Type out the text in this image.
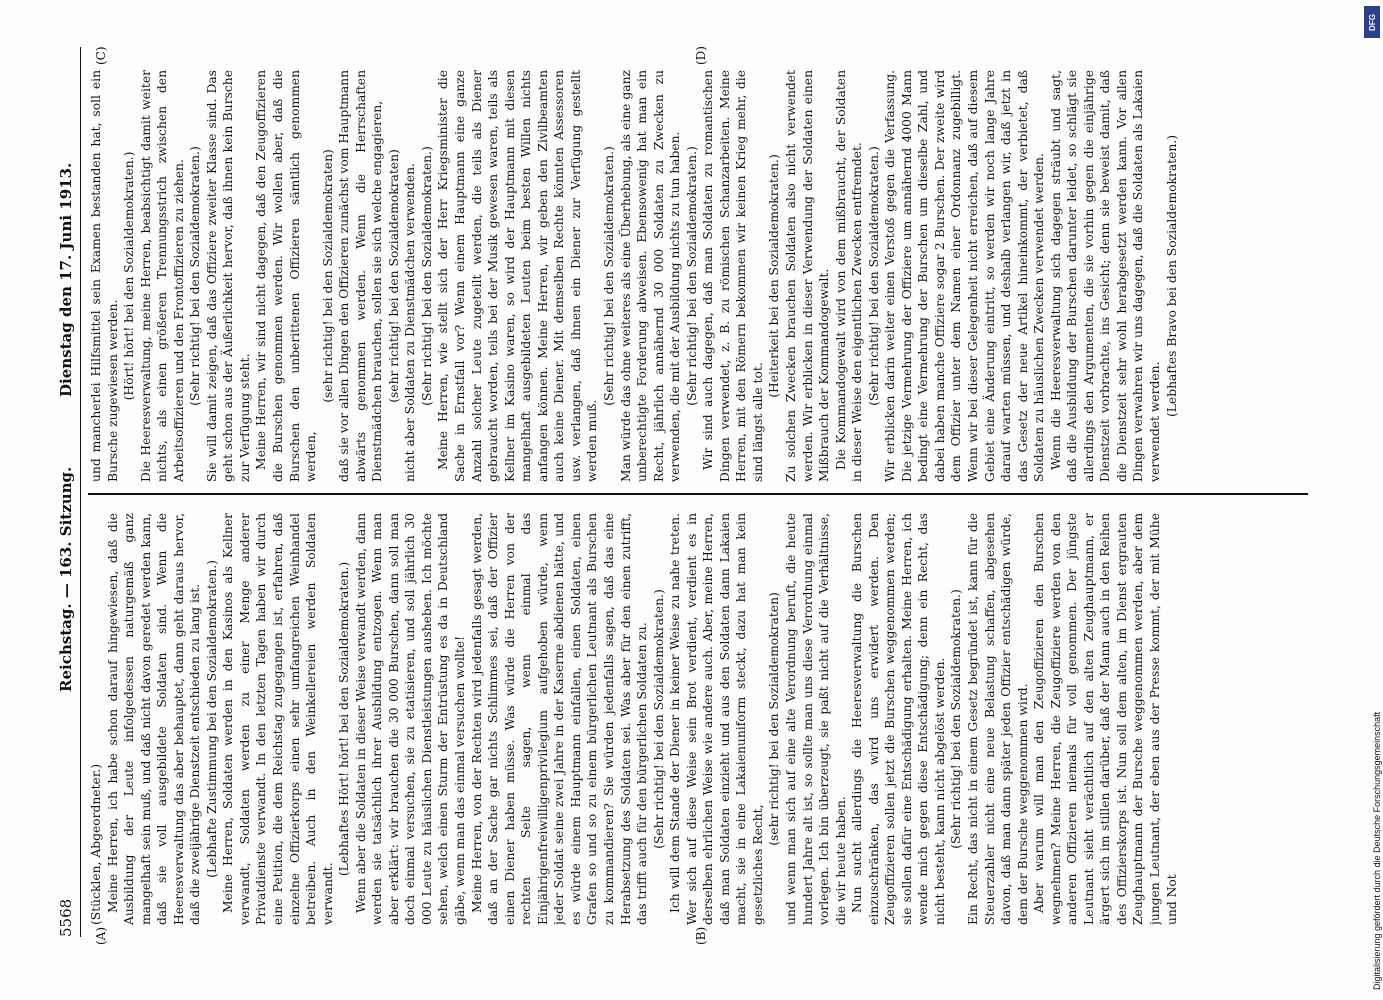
5568
Reichstag. — 163. Sitzung.
Dienstag den 17. Juni 1913.
(A)	(B)
(C)	(D)

(Stücklen, Abgeordneter.) Meine Herren, ich habe schon darauf hingewiesen, daß die Ausbildung der Leute infolgedessen naturgemäß ganz mangelhaft sein muß, und daß nicht davon geredet werden kann, daß sie voll ausgebildete Soldaten sind. Wenn die Heeresverwaltung das aber behauptet, dann geht daraus hervor, daß die zweijährige Dienstzeit entschieden zu lang ist. (Lebhafte Zustimmung bei den Sozialdemokraten.) Meine Herren, Soldaten werden in den Kasinos als Kellner verwandt, Soldaten werden zu einer Menge anderer Privatdienste verwandt. In den letzten Tagen haben wir durch eine Petition, die dem Reichstag zugegangen ist, erfahren, daß einzelne Offizierkorps einen sehr umfangreichen Weinhandel betreiben. Auch in den Weinkellereien werden Soldaten verwandt.

(Lebhaftes Hört! hört! bei den Sozialdemokraten.) Wenn aber die Soldaten in dieser Weise verwandt werden, dann werden sie tatsächlich ihrer Ausbildung entzogen. Wenn man aber erklärt: wir brauchen die 30 000 Burschen, dann soll man doch einmal versuchen, sie zu etatisieren, und soll jährlich 30 000 Leute zu häuslichen Dienstleistungen ausheben. Ich möchte sehen, welch einen Sturm der Entrüstung es da in Deutschland gäbe, wenn man das einmal versuchen wollte! Meine Herren, von der Rechten wird jedenfalls gesagt werden, daß an der Sache gar nichts Schlimmes sei, daß der Offizier einen Diener haben müsse. Was würde die Herren von der rechten Seite sagen, wenn einmal das Einjährigenfreiwilligenprivilegium aufgehoben würde, wenn jeder Soldat seine zwei Jahre in der Kaserne abdienen hätte, und es würde einem Hauptmann einfallen, einen Soldaten, einen Grafen so und so zu einem bürgerlichen Leutnant als Burschen zu kommandieren? Sie würden jedenfalls sagen, daß das eine Herabsetzung des Soldaten sei. Was aber für den einen zutrifft, das trifft auch für den bürgerlichen Soldaten zu. (Sehr richtig! bei den Sozialdemokraten.) Ich will dem Stande der Diener in keiner Weise zu nahe treten. Wer sich auf diese Weise sein Brot verdient, verdient es in derselben ehrlichen Weise wie andere auch. Aber, meine Herren, daß man Soldaten einzieht und aus den Soldaten dann Lakaien macht, sie in eine Lakaienuniform steckt, dazu hat man kein gesetzliches Recht,

(sehr richtig! bei den Sozialdemokraten) und wenn man sich auf eine alte Verordnung beruft, die heute hundert Jahre alt ist, so sollte man uns diese Verordnung einmal vorlegen. Ich bin überzeugt, sie paßt nicht auf die Verhältnisse, die wir heute haben. Nun sucht allerdings die Heeresverwaltung die Burschen einzuschränken, das wird uns erwidert werden. Den Zeugoffizieren sollen jetzt die Burschen weggenommen werden; sie sollen dafür eine Entschädigung erhalten. Meine Herren, ich wende mich gegen diese Entschädigung; denn ein Recht, das nicht besteht, kann nicht abgelöst werden. (Sehr richtig! bei den Sozialdemokraten.) Ein Recht, das nicht in einem Gesetz begründet ist, kann für die Steuerzahler nicht eine neue Belastung schaffen, abgesehen davon, daß man dann später jeden Offizier entschädigen würde, dem der Bursche weggenommen wird. Aber warum will man den Zeugoffizieren den Burschen wegnehmen? Meine Herren, die Zeugoffiziere werden von den anderen Offizieren niemals für voll genommen. Der jüngste Leutnant sieht verächtlich auf den alten Zeughauptmann, er ärgert sich im stillen darüber, daß der Mann auch in den Reihen des Offizierskorps ist. Nun soll dem alten, im Dienst ergrauten Zeughauptmann der Bursche weggenommen werden, aber dem jungen Leutnant, der eben aus der Presse kommt, der mit Mühe und Not

und mancherlei Hilfsmittel sein Examen bestanden hat, soll ein Bursche zugewiesen werden. (Hört! hört! bei den Sozialdemokraten.) Die Heeresverwaltung, meine Herren, beabsichtigt damit weiter nichts, als einen größeren Trennungsstrich zwischen den Arbeitsoffizieren und den Frontoffizieren zu ziehen. (Sehr richtig! bei den Sozialdemokraten.) Sie will damit zeigen, daß das Offiziere zweiter Klasse sind. Das geht schon aus der Äußerlichkeit hervor, daß ihnen kein Bursche zur Verfügung steht. Meine Herren, wir sind nicht dagegen, daß den Zeugoffizieren die Burschen genommen werden. Wir wollen aber, daß die Burschen den unberittenen Offizieren sämtlich genommen werden,

(sehr richtig! bei den Sozialdemokraten) daß sie vor allen Dingen den Offizieren zunächst vom Hauptmann abwärts genommen werden. Wenn die Herrschaften Dienstmädchen brauchen, sollen sie sich welche engagieren, (sehr richtig! bei den Sozialdemokraten) nicht aber Soldaten zu Dienstmädchen verwenden. (Sehr richtig! bei den Sozialdemokraten.) Meine Herren, wie stellt sich der Herr Kriegsminister die Sache in Ernstfall vor? Wenn einem Hauptmann eine ganze Anzahl solcher Leute zugeteilt werden, die teils als Diener gebraucht worden, teils bei der Musik gewesen waren, teils als Kellner im Kasino waren, so wird der Hauptmann mit diesen mangelhaft ausgebildeten Leuten beim besten Willen nichts anfangen können. Meine Herren, wir geben den Zivilbeamten auch keine Diener. Mit demselben Rechte könnten Assessoren usw. verlangen, daß ihnen ein Diener zur Verfügung gestellt werden muß.

(Sehr richtig! bei den Sozialdemokraten.) Man würde das ohne weiteres als eine Überhebung, als eine ganz unberechtigte Forderung abweisen. Ebensowenig hat man ein Recht, jährlich annähernd 30 000 Soldaten zu Zwecken zu verwenden, die mit der Ausbildung nichts zu tun haben. (Sehr richtig! bei den Sozialdemokraten.) Wir sind auch dagegen, daß man Soldaten zu romantischen Dingen verwendet, z. B. zu römischen Schanzarbeiten. Meine Herren, mit den Römern bekommen wir keinen Krieg mehr, die sind längst alle tot.

(Heiterkeit bei den Sozialdemokraten.) Zu solchen Zwecken brauchen Soldaten also nicht verwendet werden. Wir erblicken in dieser Verwendung der Soldaten einen Mißbrauch der Kommandogewalt. Die Kommandogewalt wird von dem mißbraucht, der Soldaten in dieser Weise den eigentlichen Zwecken entfremdet. (Sehr richtig! bei den Sozialdemokraten.) Wir erblicken darin weiter einen Verstoß gegen die Verfassung. Die jetzige Vermehrung der Offiziere um annähernd 4000 Mann bedingt eine Vermehrung der Burschen um dieselbe Zahl, und dabei haben manche Offiziere sogar 2 Burschen. Der zweite wird dem Offizier unter dem Namen einer Ordonnanz zugebilligt. Wenn wir bei dieser Gelegenheit nicht erreichen, daß auf diesem Gebiet eine Änderung eintritt, so werden wir noch lange Jahre darauf warten müssen, und deshalb verlangen wir, daß jetzt in das Gesetz der neue Artikel hineinkommt, der verbietet, daß Soldaten zu häuslichen Zwecken verwendet werden. Wenn die Heeresverwaltung sich dagegen sträubt und sagt, daß die Ausbildung der Burschen darunter leidet, so schlägt sie allerdings den Argumenten, die sie vorhin gegen die einjährige Dienstzeit vorbrachte, ins Gesicht; denn sie beweist damit, daß die Dienstzeit sehr wohl herabgesetzt werden kann. Vor allen Dingen verwahren wir uns dagegen, daß die Soldaten als Lakaien verwendet werden.

(Lebhaftes Bravo bei den Sozialdemokraten.)

Digitalisierung gefördert durch die Deutsche Forschungsgemeinschaft
DFG
